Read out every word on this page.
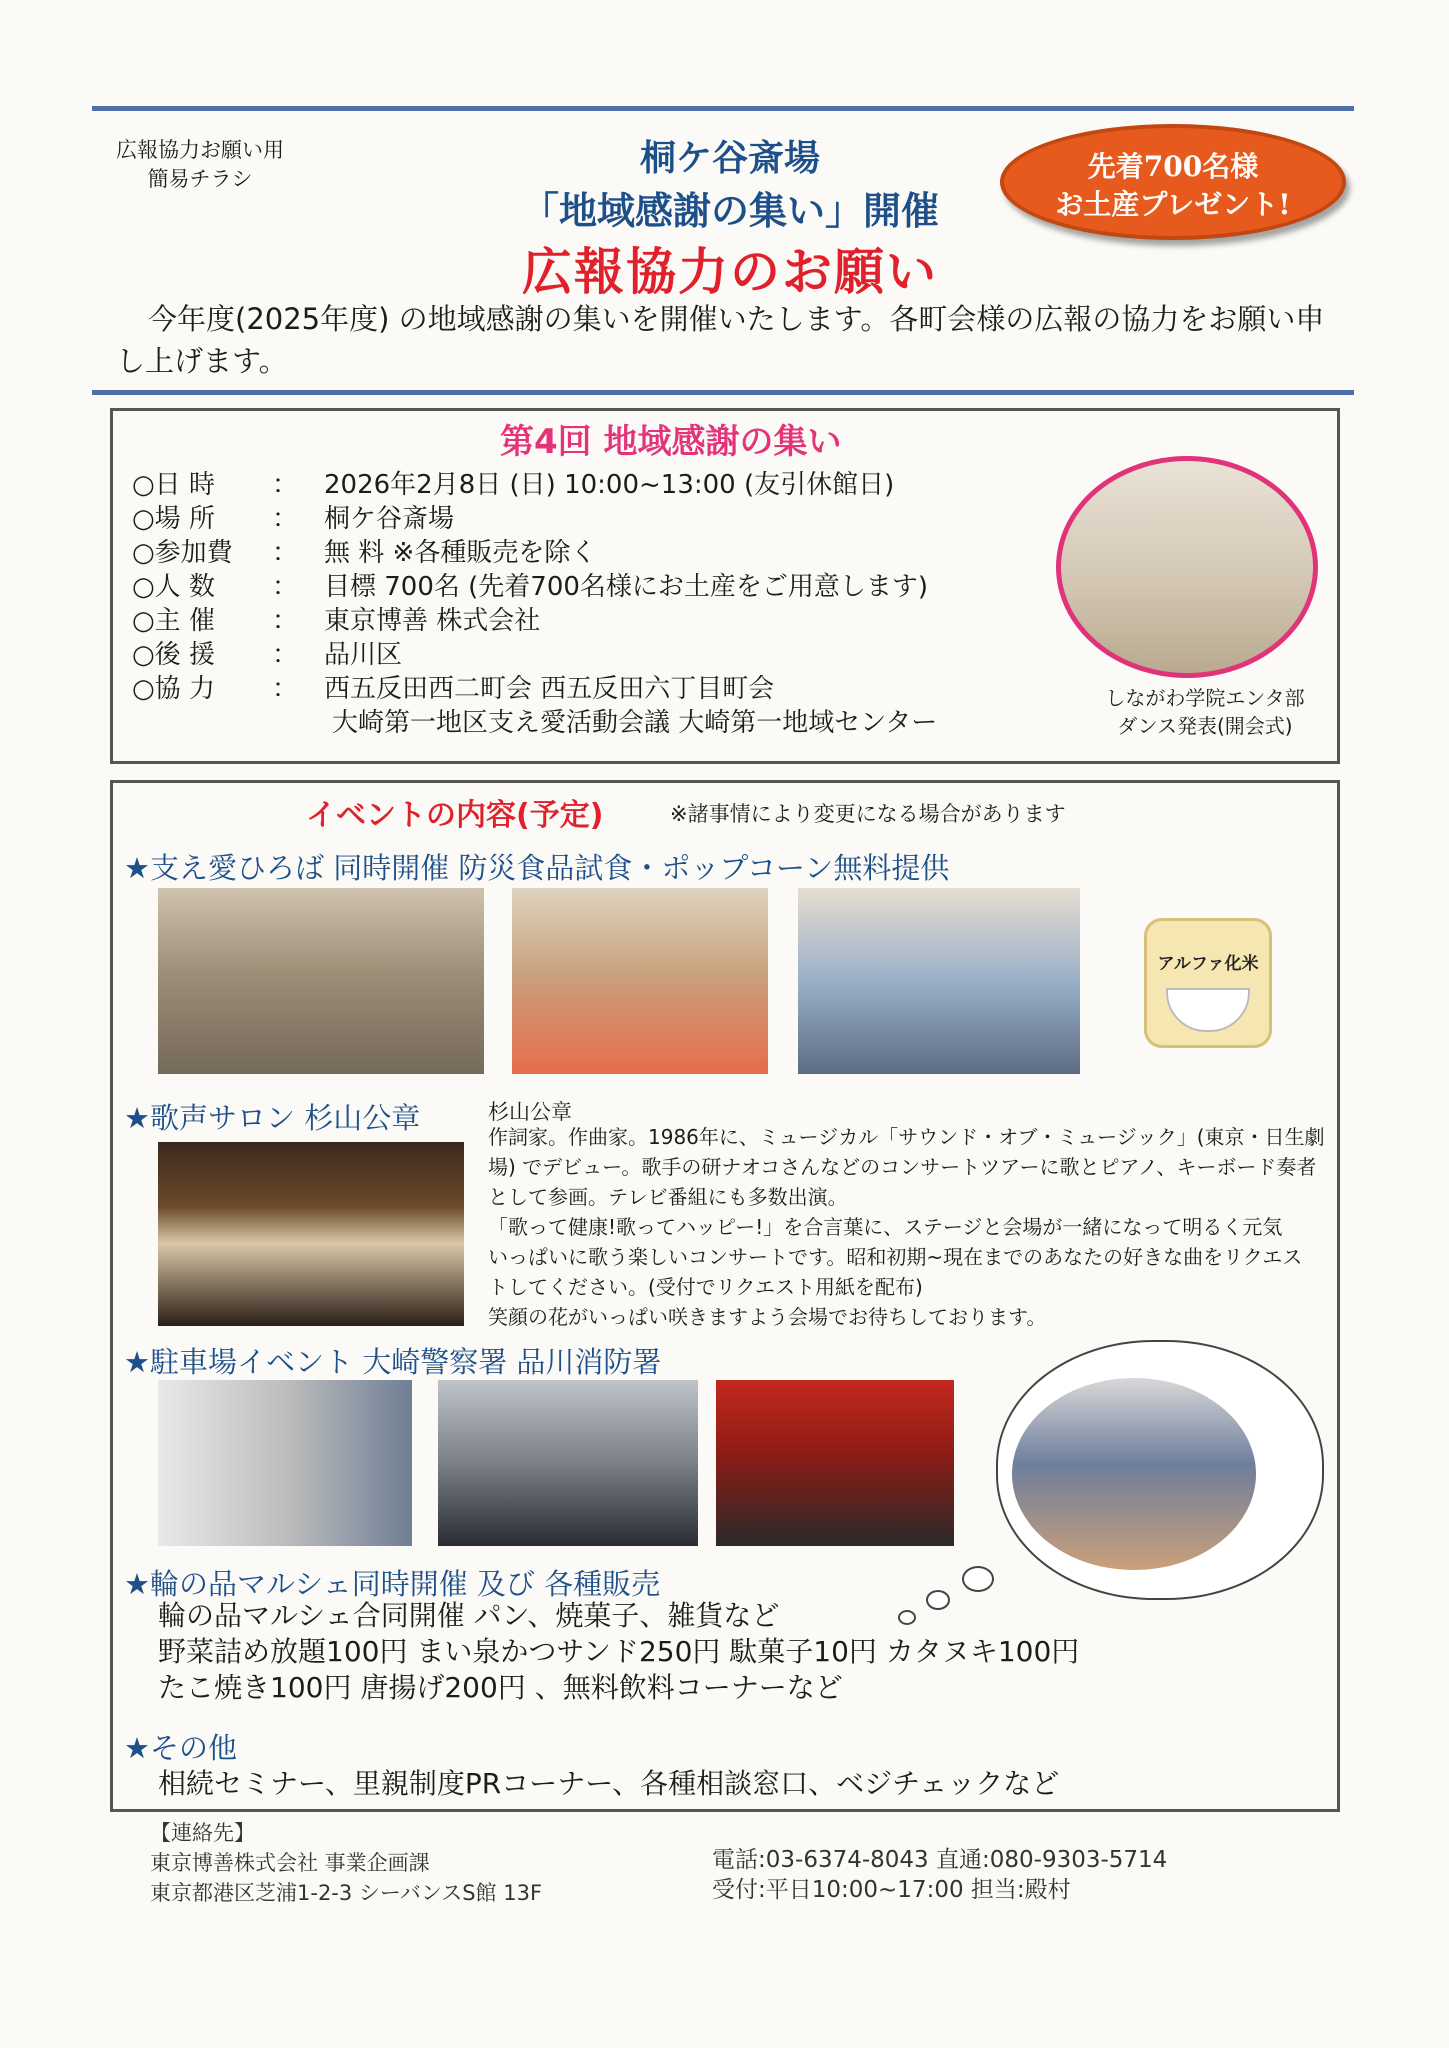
広報協力お願い用
簡易チラシ	桐ケ谷斎場
「地域感謝の集い」開催
広報協力のお願い
先着700名様
お土産プレゼント!
今年度(2025年度) の地域感謝の集いを開催いたします。各町会様の広報の協力をお願い申し上げます。
第4回 地域感謝の集い
○日 時	： 2026年2月8日 (日) 10:00~13:00 (友引休館日)
○場 所	： 桐ケ谷斎場
○参加費	： 無 料 ※各種販売を除く
○人 数	： 目標 700名 (先着700名様にお土産をご用意します)
○主 催	： 東京博善 株式会社
○後 援	： 品川区
○協 力	： 西五反田西二町会 西五反田六丁目町会
大崎第一地区支え愛活動会議 大崎第一地域センター
しながわ学院エンタ部
ダンス発表(開会式)
イベントの内容(予定)	※諸事情により変更になる場合があります
★支え愛ひろば 同時開催 防災食品試食・ポップコーン無料提供
アルファ化米
★歌声サロン 杉山公章	杉山公章
作詞家。作曲家。1986年に、ミュージカル「サウンド・オブ・ミュージック」(東京・日生劇
場) でデビュー。歌手の研ナオコさんなどのコンサートツアーに歌とピアノ、キーボード奏者
として参画。テレビ番組にも多数出演。
「歌って健康!歌ってハッピー!」を合言葉に、ステージと会場が一緒になって明るく元気
いっぱいに歌う楽しいコンサートです。昭和初期~現在までのあなたの好きな曲をリクエス
トしてください。(受付でリクエスト用紙を配布)
笑顔の花がいっぱい咲きますよう会場でお待ちしております。
★駐車場イベント 大崎警察署 品川消防署
★輪の品マルシェ同時開催 及び 各種販売
輪の品マルシェ合同開催 パン、焼菓子、雑貨など
野菜詰め放題100円 まい泉かつサンド250円 駄菓子10円 カタヌキ100円
たこ焼き100円 唐揚げ200円 、無料飲料コーナーなど
★その他
相続セミナー、里親制度PRコーナー、各種相談窓口、ベジチェックなど
【連絡先】
東京博善株式会社 事業企画課
東京都港区芝浦1-2-3 シーバンスS館 13F
電話:03-6374-8043 直通:080-9303-5714
受付:平日10:00~17:00 担当:殿村
